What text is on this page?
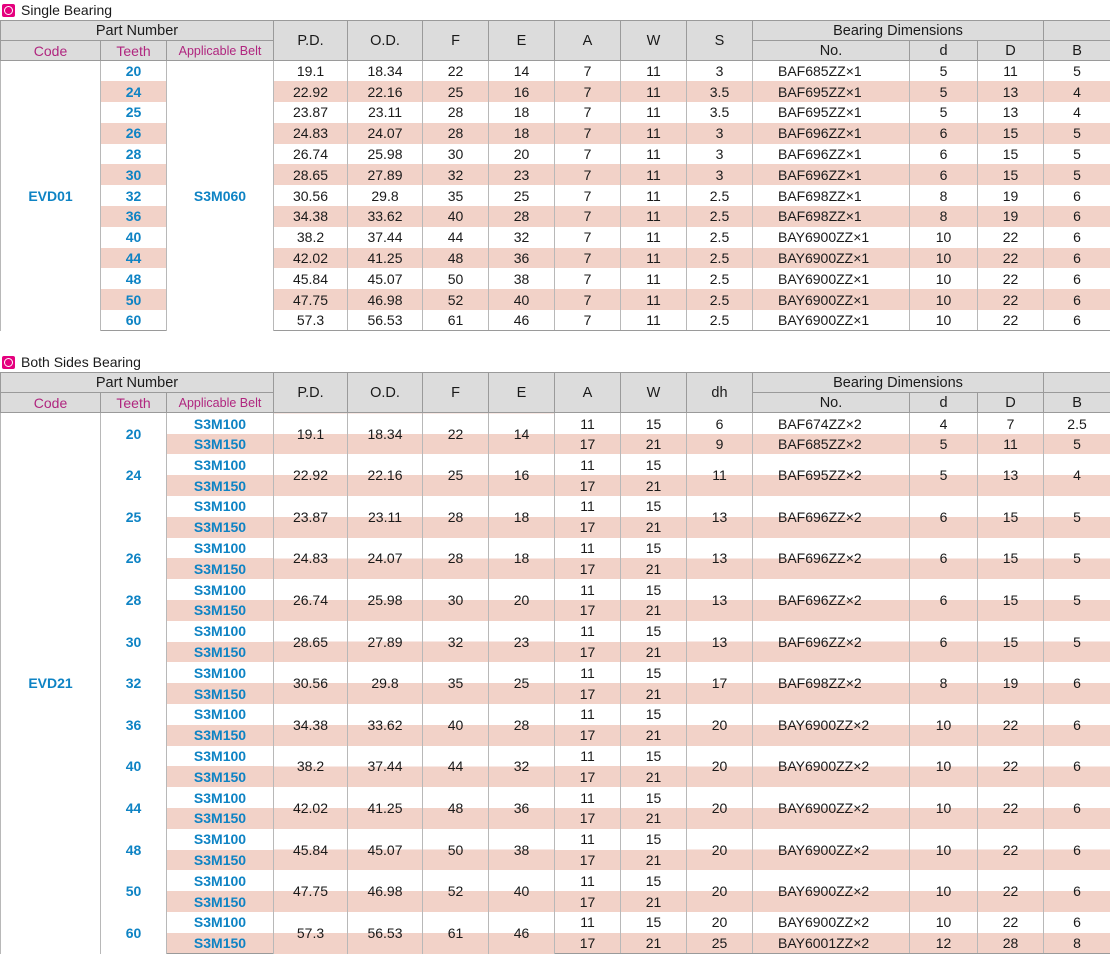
Single Bearing
Part Number			P.D.	O.D.	F	E	A	W	S	Bearing Dimensions			
Code	Teeth	Applicable Belt								No.	d	D	B
EVD01	20	S3M060	19.1	18.34	22	14	7	11	3	BAF685ZZ×1	5	11	5
	24		22.92	22.16	25	16	7	11	3.5	BAF695ZZ×1	5	13	4
	25		23.87	23.11	28	18	7	11	3.5	BAF695ZZ×1	5	13	4
	26		24.83	24.07	28	18	7	11	3	BAF696ZZ×1	6	15	5
	28		26.74	25.98	30	20	7	11	3	BAF696ZZ×1	6	15	5
	30		28.65	27.89	32	23	7	11	3	BAF696ZZ×1	6	15	5
	32		30.56	29.8	35	25	7	11	2.5	BAF698ZZ×1	8	19	6
	36		34.38	33.62	40	28	7	11	2.5	BAF698ZZ×1	8	19	6
	40		38.2	37.44	44	32	7	11	2.5	BAY6900ZZ×1	10	22	6
	44		42.02	41.25	48	36	7	11	2.5	BAY6900ZZ×1	10	22	6
	48		45.84	45.07	50	38	7	11	2.5	BAY6900ZZ×1	10	22	6
	50		47.75	46.98	52	40	7	11	2.5	BAY6900ZZ×1	10	22	6
	60		57.3	56.53	61	46	7	11	2.5	BAY6900ZZ×1	10	22	6
Both Sides Bearing
Part Number			P.D.	O.D.	F	E	A	W	dh	Bearing Dimensions			
Code	Teeth	Applicable Belt								No.	d	D	B
EVD21	20	S3M100	19.1	18.34	22	14	11	15	6	BAF674ZZ×2	4	7	2.5
		S3M150					17	21	9	BAF685ZZ×2	5	11	5
	24	S3M100	22.92	22.16	25	16	11	15	11	BAF695ZZ×2	5	13	4
		S3M150					17	21					
	25	S3M100	23.87	23.11	28	18	11	15	13	BAF696ZZ×2	6	15	5
		S3M150					17	21					
	26	S3M100	24.83	24.07	28	18	11	15	13	BAF696ZZ×2	6	15	5
		S3M150					17	21					
	28	S3M100	26.74	25.98	30	20	11	15	13	BAF696ZZ×2	6	15	5
		S3M150					17	21					
	30	S3M100	28.65	27.89	32	23	11	15	13	BAF696ZZ×2	6	15	5
		S3M150					17	21					
	32	S3M100	30.56	29.8	35	25	11	15	17	BAF698ZZ×2	8	19	6
		S3M150					17	21					
	36	S3M100	34.38	33.62	40	28	11	15	20	BAY6900ZZ×2	10	22	6
		S3M150					17	21					
	40	S3M100	38.2	37.44	44	32	11	15	20	BAY6900ZZ×2	10	22	6
		S3M150					17	21					
	44	S3M100	42.02	41.25	48	36	11	15	20	BAY6900ZZ×2	10	22	6
		S3M150					17	21					
	48	S3M100	45.84	45.07	50	38	11	15	20	BAY6900ZZ×2	10	22	6
		S3M150					17	21					
	50	S3M100	47.75	46.98	52	40	11	15	20	BAY6900ZZ×2	10	22	6
		S3M150					17	21					
	60	S3M100	57.3	56.53	61	46	11	15	20	BAY6900ZZ×2	10	22	6
		S3M150					17	21	25	BAY6001ZZ×2	12	28	8
